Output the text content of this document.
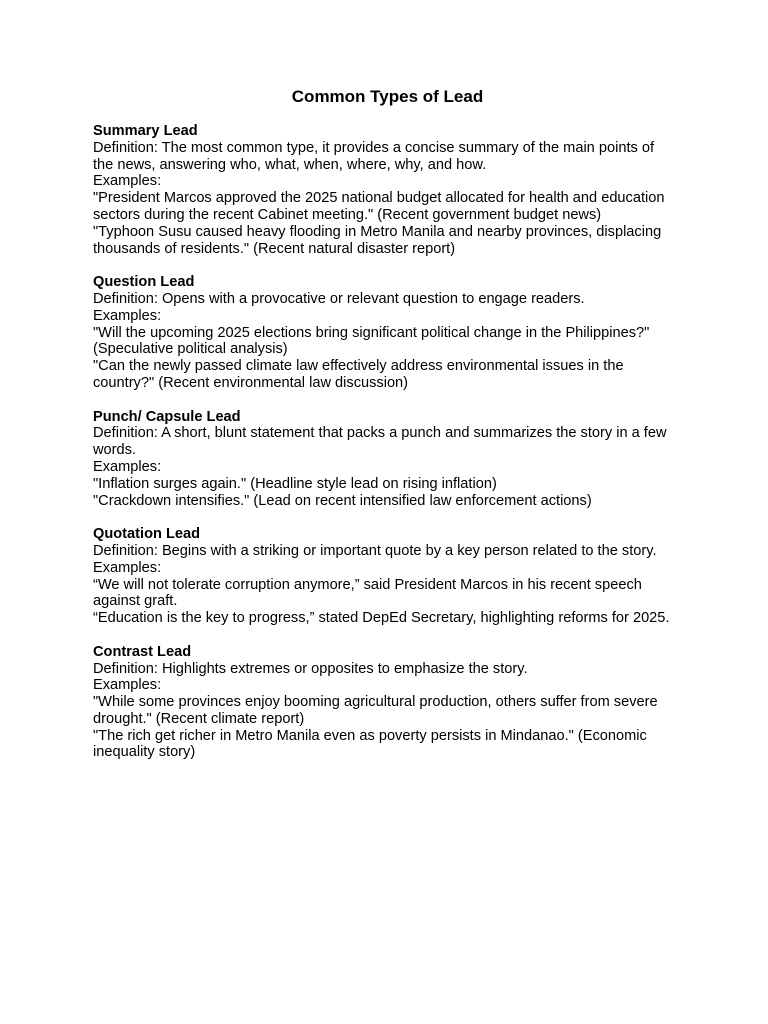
Common Types of Lead
Summary Lead
Definition: The most common type, it provides a concise summary of the main points of the news, answering who, what, when, where, why, and how.
Examples:
"President Marcos approved the 2025 national budget allocated for health and education sectors during the recent Cabinet meeting." (Recent government budget news)
"Typhoon Susu caused heavy flooding in Metro Manila and nearby provinces, displacing thousands of residents." (Recent natural disaster report)
Question Lead
Definition: Opens with a provocative or relevant question to engage readers.
Examples:
"Will the upcoming 2025 elections bring significant political change in the Philippines?" (Speculative political analysis)
"Can the newly passed climate law effectively address environmental issues in the country?" (Recent environmental law discussion)
Punch/ Capsule Lead
Definition: A short, blunt statement that packs a punch and summarizes the story in a few words.
Examples:
"Inflation surges again." (Headline style lead on rising inflation)
"Crackdown intensifies." (Lead on recent intensified law enforcement actions)
Quotation Lead
Definition: Begins with a striking or important quote by a key person related to the story.
Examples:
“We will not tolerate corruption anymore,” said President Marcos in his recent speech against graft.
“Education is the key to progress,” stated DepEd Secretary, highlighting reforms for 2025.
Contrast Lead
Definition: Highlights extremes or opposites to emphasize the story.
Examples:
"While some provinces enjoy booming agricultural production, others suffer from severe drought." (Recent climate report)
"The rich get richer in Metro Manila even as poverty persists in Mindanao." (Economic inequality story)
